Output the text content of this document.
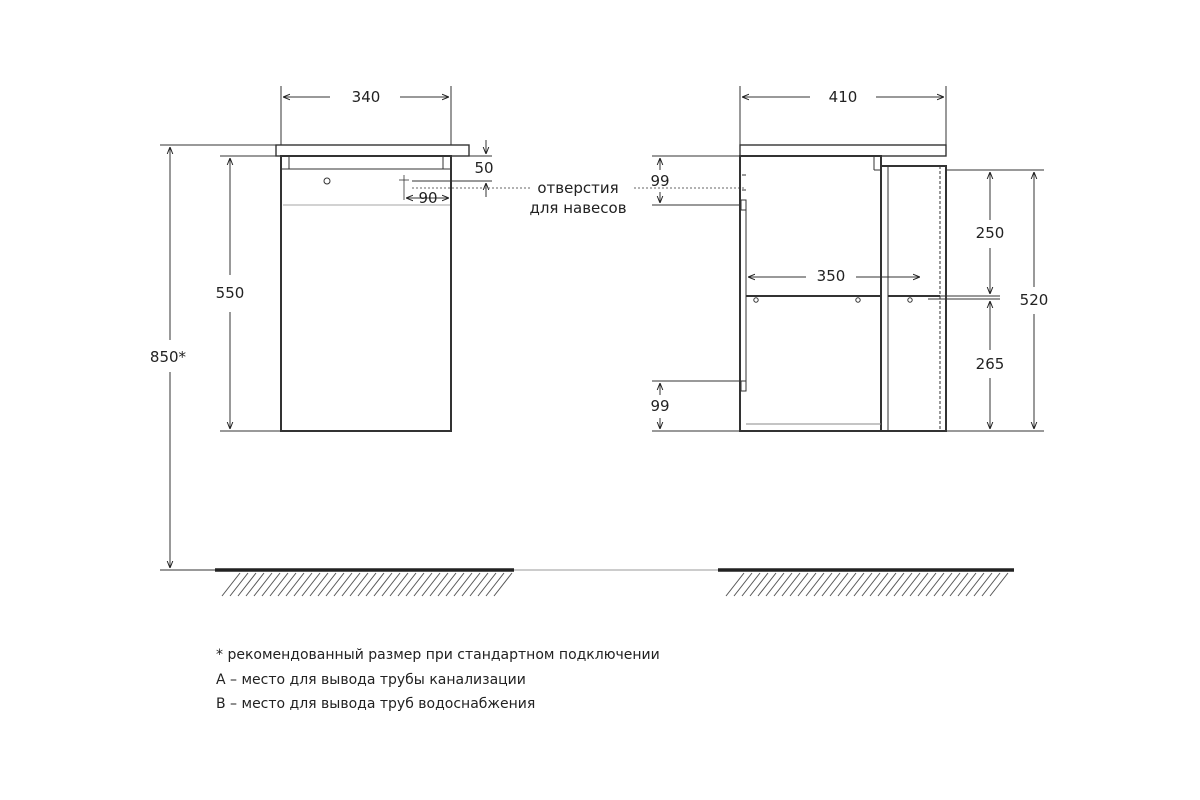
340
550
850*
50
90
отверстия
для навесов
410
99
99
350
250
265
520
* рекомендованный размер при стандартном подключении
А – место для вывода трубы канализации
В – место для вывода труб водоснабжения
